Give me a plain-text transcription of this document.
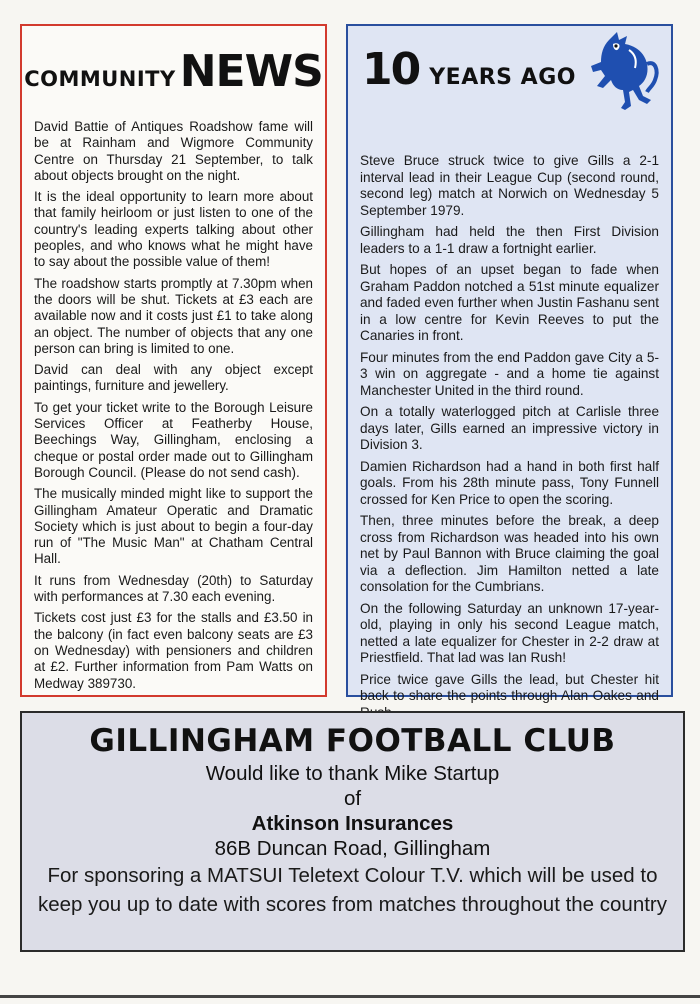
COMMUNITY NEWS

David Battie of Antiques Roadshow fame will be at Rainham and Wigmore Community Centre on Thursday 21 September, to talk about objects brought on the night.

It is the ideal opportunity to learn more about that family heirloom or just listen to one of the country's leading experts talking about other peoples, and who knows what he might have to say about the possible value of them!

The roadshow starts promptly at 7.30pm when the doors will be shut. Tickets at £3 each are available now and it costs just £1 to take along an object. The number of objects that any one person can bring is limited to one.

David can deal with any object except paintings, furniture and jewellery.

To get your ticket write to the Borough Leisure Services Officer at Featherby House, Beechings Way, Gillingham, enclosing a cheque or postal order made out to Gillingham Borough Council. (Please do not send cash).

The musically minded might like to support the Gillingham Amateur Operatic and Dramatic Society which is just about to begin a four-day run of "The Music Man" at Chatham Central Hall.

It runs from Wednesday (20th) to Saturday with performances at 7.30 each evening.

Tickets cost just £3 for the stalls and £3.50 in the balcony (in fact even balcony seats are £3 on Wednesday) with pensioners and children at £2. Further information from Pam Watts on Medway 389730.

10 YEARS AGO

Steve Bruce struck twice to give Gills a 2-1 interval lead in their League Cup (second round, second leg) match at Norwich on Wednesday 5 September 1979.

Gillingham had held the then First Division leaders to a 1-1 draw a fortnight earlier.

But hopes of an upset began to fade when Graham Paddon notched a 51st minute equalizer and faded even further when Justin Fashanu sent in a low centre for Kevin Reeves to put the Canaries in front.

Four minutes from the end Paddon gave City a 5-3 win on aggregate - and a home tie against Manchester United in the third round.

On a totally waterlogged pitch at Carlisle three days later, Gills earned an impressive victory in Division 3.

Damien Richardson had a hand in both first half goals. From his 28th minute pass, Tony Funnell crossed for Ken Price to open the scoring.

Then, three minutes before the break, a deep cross from Richardson was headed into his own net by Paul Bannon with Bruce claiming the goal via a deflection. Jim Hamilton netted a late consolation for the Cumbrians.

On the following Saturday an unknown 17-year-old, playing in only his second League match, netted a late equalizer for Chester in 2-2 draw at Priestfield. That lad was Ian Rush!

Price twice gave Gills the lead, but Chester hit back to share the points through Alan Oakes and

GILLINGHAM FOOTBALL CLUB
Would like to thank Mike Startup
of
Atkinson Insurances
86B Duncan Road, Gillingham
For sponsoring a MATSUI Teletext Colour T.V. which will be used to keep you up to date with scores from matches throughout the country
